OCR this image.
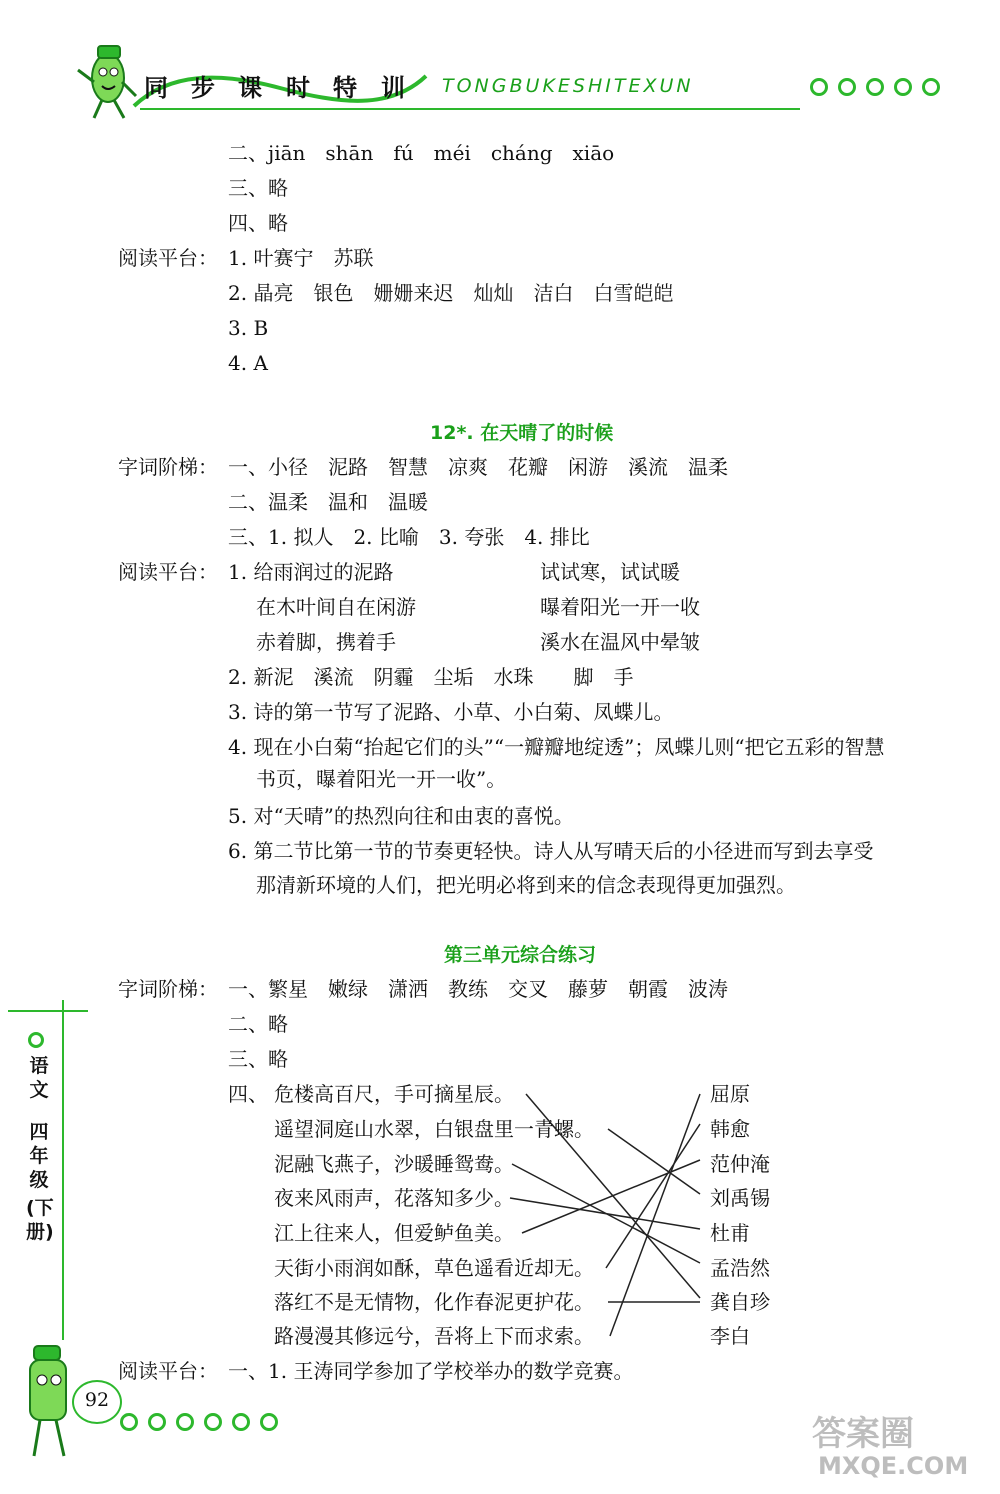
同 步 课 时 特 训	TONGBUKESHITEXUN
二、jiān　shān　fú　méi　cháng　xiāo
三、略
四、略
阅读平台： 1. 叶赛宁　苏联
2. 晶亮　银色　姗姗来迟　灿灿　洁白　白雪皑皑
3. B
4. A
12*. 在天晴了的时候
字词阶梯： 一、小径　泥路　智慧　凉爽　花瓣　闲游　溪流　温柔
二、温柔　温和　温暖
三、1. 拟人　2. 比喻　3. 夸张　4. 排比
阅读平台： 1. 给雨润过的泥路
在木叶间自在闲游
赤着脚，携着手
试试寒，试试暖
曝着阳光一开一收
溪水在温风中晕皱
2. 新泥　溪流　阴霾　尘垢　水珠　　脚　手
3. 诗的第一节写了泥路、小草、小白菊、凤蝶儿。
4. 现在小白菊“抬起它们的头”“一瓣瓣地绽透”；凤蝶儿则“把它五彩的智慧
书页，曝着阳光一开一收”。
5. 对“天晴”的热烈向往和由衷的喜悦。
6. 第二节比第一节的节奏更轻快。诗人从写晴天后的小径进而写到去享受
那清新环境的人们，把光明必将到来的信念表现得更加强烈。
第三单元综合练习
字词阶梯： 一、繁星　嫩绿　潇洒　教练　交叉　藤萝　朝霞　波涛
二、略
三、略
四、 危楼高百尺，手可摘星辰。
遥望洞庭山水翠，白银盘里一青螺。
泥融飞燕子，沙暖睡鸳鸯。
夜来风雨声，花落知多少。
江上往来人，但爱鲈鱼美。
天街小雨润如酥，草色遥看近却无。
落红不是无情物，化作春泥更护花。
路漫漫其修远兮，吾将上下而求索。
屈原
韩愈
范仲淹
刘禹锡
杜甫
孟浩然
龚自珍
李白
阅读平台： 一、1. 王涛同学参加了学校举办的数学竞赛。
语文
四年级
(下册)
92
答案圈
MXQE.COM
